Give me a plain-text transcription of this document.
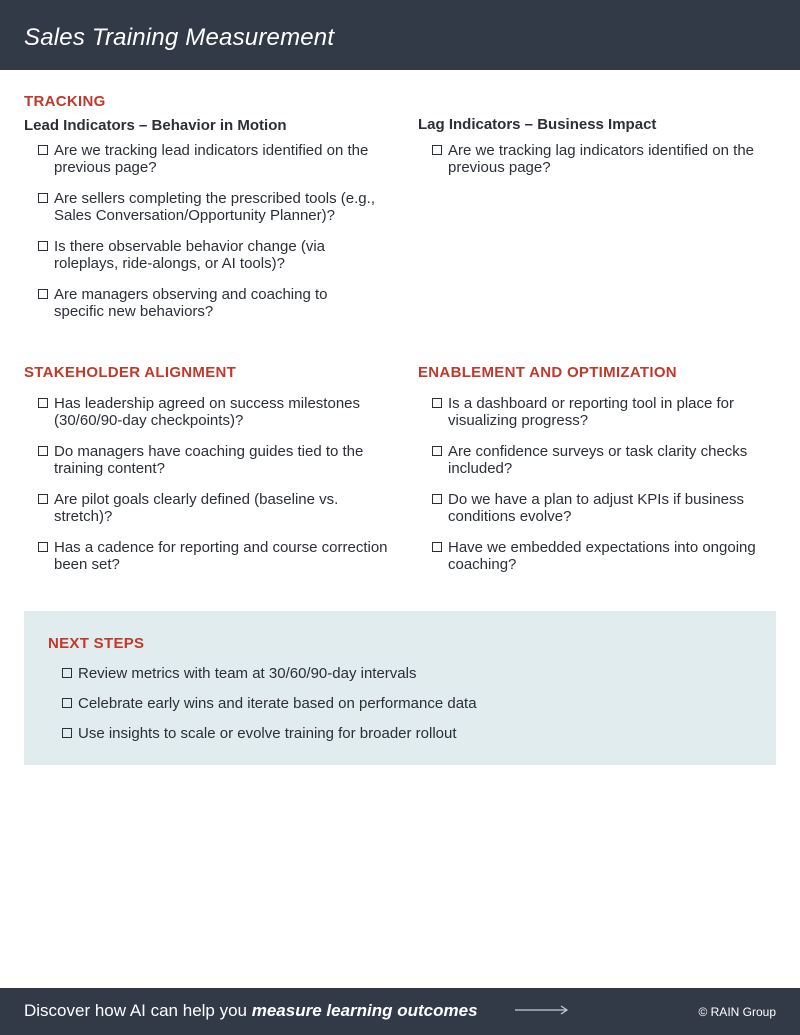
Sales Training Measurement
TRACKING
Lead Indicators – Behavior in Motion
Are we tracking lead indicators identified on the previous page?
Are sellers completing the prescribed tools (e.g., Sales Conversation/Opportunity Planner)?
Is there observable behavior change (via roleplays, ride-alongs, or AI tools)?
Are managers observing and coaching to specific new behaviors?
Lag Indicators – Business Impact
Are we tracking lag indicators identified on the previous page?
STAKEHOLDER ALIGNMENT
Has leadership agreed on success milestones (30/60/90-day checkpoints)?
Do managers have coaching guides tied to the training content?
Are pilot goals clearly defined (baseline vs. stretch)?
Has a cadence for reporting and course correction been set?
ENABLEMENT AND OPTIMIZATION
Is a dashboard or reporting tool in place for visualizing progress?
Are confidence surveys or task clarity checks included?
Do we have a plan to adjust KPIs if business conditions evolve?
Have we embedded expectations into ongoing coaching?
NEXT STEPS
Review metrics with team at 30/60/90-day intervals
Celebrate early wins and iterate based on performance data
Use insights to scale or evolve training for broader rollout
Discover how AI can help you measure learning outcomes	© RAIN Group
